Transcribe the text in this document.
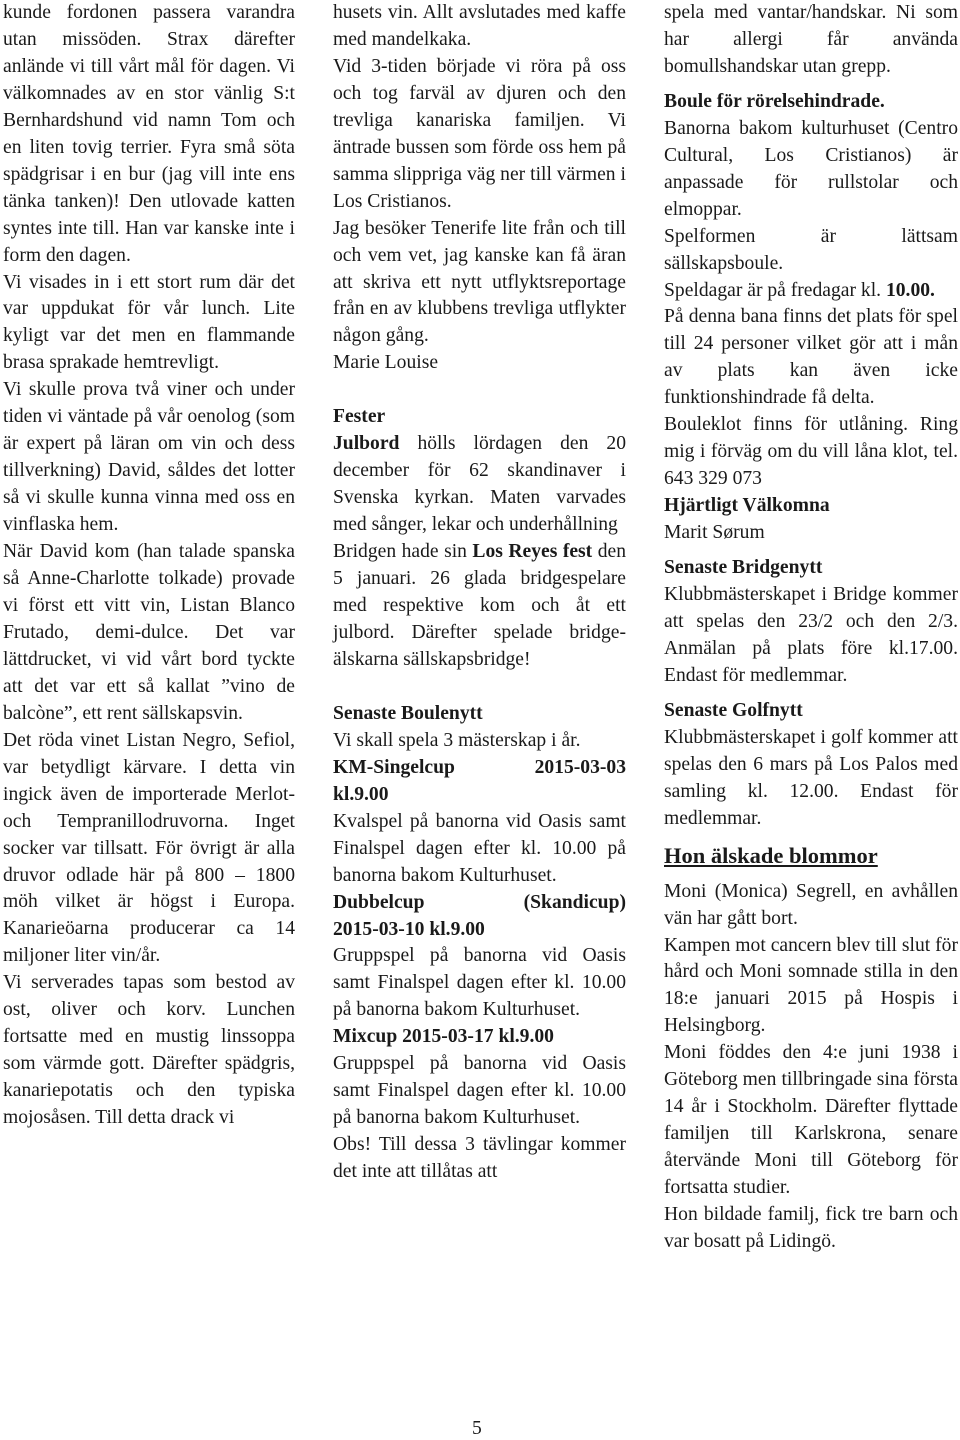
kunde fordonen passera varandra utan missöden. Strax därefter anlände vi till vårt mål för dagen. Vi välkomnades av en stor vänlig S:t Bernhardshund vid namn Tom och en liten tovig terrier. Fyra små söta spädgrisar i en bur (jag vill inte ens tänka tanken)! Den utlovade katten syntes inte till. Han var kanske inte i form den dagen.

Vi visades in i ett stort rum där det var uppdukat för vår lunch. Lite kyligt var det men en flammande brasa sprakade hemtrevligt.

Vi skulle prova två viner och under tiden vi väntade på vår oenolog (som är expert på läran om vin och dess tillverkning) David, såldes det lotter så vi skulle kunna vinna med oss en vinflaska hem.

När David kom (han talade spanska så Anne-Charlotte tolkade) provade vi först ett vitt vin, Listan Blanco Frutado, demi-dulce. Det var lättdrucket, vi vid vårt bord tyckte att det var ett så kallat ”vino de balcòne”, ett rent sällskapsvin.

Det röda vinet Listan Negro, Sefiol, var betydligt kärvare. I detta vin ingick även de importerade Merlot- och Tempranillodruvorna. Inget socker var tillsatt. För övrigt är alla druvor odlade här på 800 – 1800 möh vilket är högst i Europa. Kanarieöarna producerar ca 14 miljoner liter vin/år.

Vi serverades tapas som bestod av ost, oliver och korv. Lunchen fortsatte med en mustig linssoppa som värmde gott. Därefter spädgris, kanariepotatis och den typiska mojosåsen. Till detta drack vi

husets vin. Allt avslutades med kaffe med mandelkaka.

Vid 3-tiden började vi röra på oss och tog farväl av djuren och den trevliga kanariska familjen. Vi äntrade bussen som förde oss hem på samma slippriga väg ner till värmen i Los Cristianos.

Jag besöker Tenerife lite från och till och vem vet, jag kanske kan få äran att skriva ett nytt utflyktsreportage från en av klubbens trevliga utflykter någon gång.

Marie Louise

Fester

Julbord hölls lördagen den 20 december för 62 skandinaver i Svenska kyrkan. Maten varvades med sånger, lekar och underhållning

Bridgen hade sin Los Reyes fest den 5 januari. 26 glada bridgespelare med respektive kom och åt ett julbord. Därefter spelade bridge-älskarna sällskapsbridge!

Senaste Boulenytt

Vi skall spela 3 mästerskap i år.

KM-Singelcup	2015-03-03
kl.9.00

Kvalspel på banorna vid Oasis samt Finalspel dagen efter kl. 10.00 på banorna bakom Kulturhuset.

Dubbelcup	(Skandicup)
2015-03-10 kl.9.00

Gruppspel på banorna vid Oasis samt Finalspel dagen efter kl. 10.00 på banorna bakom Kulturhuset.

Mixcup 2015-03-17 kl.9.00

Gruppspel på banorna vid Oasis samt Finalspel dagen efter kl. 10.00 på banorna bakom Kulturhuset.

Obs! Till dessa 3 tävlingar kommer det inte att tillåtas att

spela med vantar/handskar. Ni som har allergi får använda bomullshandskar utan grepp.

Boule för rörelsehindrade.

Banorna bakom kulturhuset (Centro Cultural, Los Cristianos) är anpassade för rullstolar och elmoppar.

Spelformen är lättsam sällskapsboule.

Speldagar är på fredagar kl. 10.00.

På denna bana finns det plats för spel till 24 personer vilket gör att i mån av plats kan även icke funktionshindrade få delta.

Bouleklot finns för utlåning. Ring mig i förväg om du vill låna klot, tel. 643 329 073

Hjärtligt Välkomna

Marit Sørum

Senaste Bridgenytt

Klubbmästerskapet i Bridge kommer att spelas den 23/2 och den 2/3. Anmälan på plats före kl.17.00. Endast för medlemmar.

Senaste Golfnytt

Klubbmästerskapet i golf kommer att spelas den 6 mars på Los Palos med samling kl. 12.00. Endast för medlemmar.

Hon älskade blommor

Moni (Monica) Segrell, en avhållen vän har gått bort.

Kampen mot cancern blev till slut för hård och Moni somnade stilla in den 18:e januari 2015 på Hospis i Helsingborg.

Moni föddes den 4:e juni 1938 i Göteborg men tillbringade sina första 14 år i Stockholm. Därefter flyttade familjen till Karlskrona, senare återvände Moni till Göteborg för fortsatta studier.

Hon bildade familj, fick tre barn och var bosatt på Lidingö.

5
